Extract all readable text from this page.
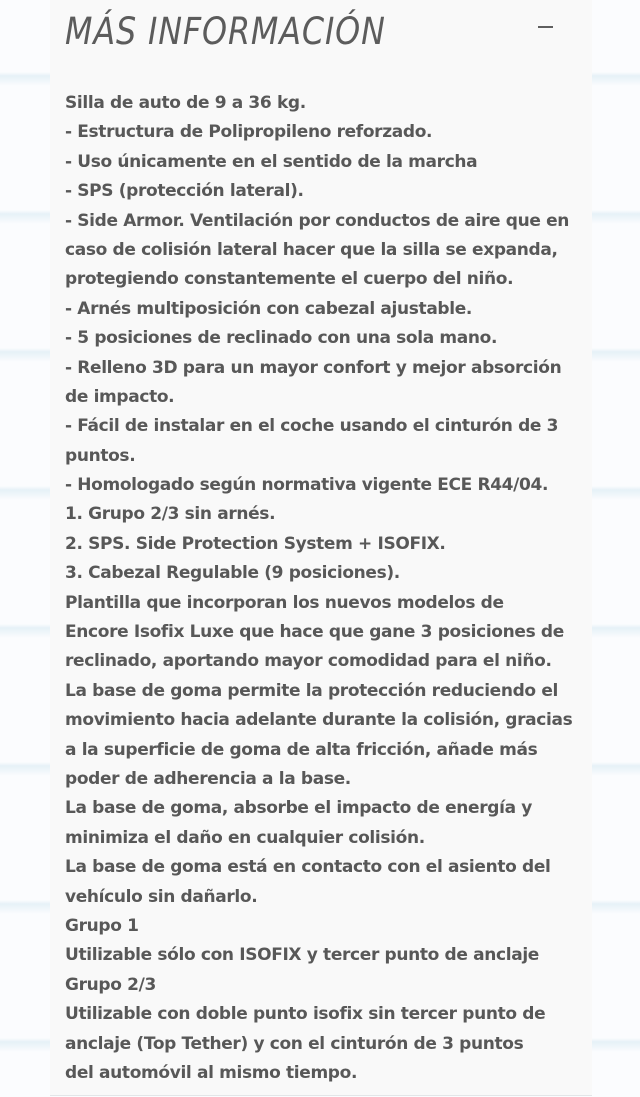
MÁS INFORMACIÓN
Silla de auto de 9 a 36 kg.
- Estructura de Polipropileno reforzado.
- Uso únicamente en el sentido de la marcha
- SPS (protección lateral).
- Side Armor. Ventilación por conductos de aire que en
caso de colisión lateral hacer que la silla se expanda,
protegiendo constantemente el cuerpo del niño.
- Arnés multiposición con cabezal ajustable.
- 5 posiciones de reclinado con una sola mano.
- Relleno 3D para un mayor confort y mejor absorción
de impacto.
- Fácil de instalar en el coche usando el cinturón de 3
puntos.
- Homologado según normativa vigente ECE R44/04.
1. Grupo 2/3 sin arnés.
2. SPS. Side Protection System + ISOFIX.
3. Cabezal Regulable (9 posiciones).
Plantilla que incorporan los nuevos modelos de
Encore Isofix Luxe que hace que gane 3 posiciones de
reclinado, aportando mayor comodidad para el niño.
La base de goma permite la protección reduciendo el
movimiento hacia adelante durante la colisión, gracias
a la superficie de goma de alta fricción, añade más
poder de adherencia a la base.
La base de goma, absorbe el impacto de energía y
minimiza el daño en cualquier colisión.
La base de goma está en contacto con el asiento del
vehículo sin dañarlo.
Grupo 1
Utilizable sólo con ISOFIX y tercer punto de anclaje
Grupo 2/3
Utilizable con doble punto isofix sin tercer punto de
anclaje (Top Tether) y con el cinturón de 3 puntos
del automóvil al mismo tiempo.
